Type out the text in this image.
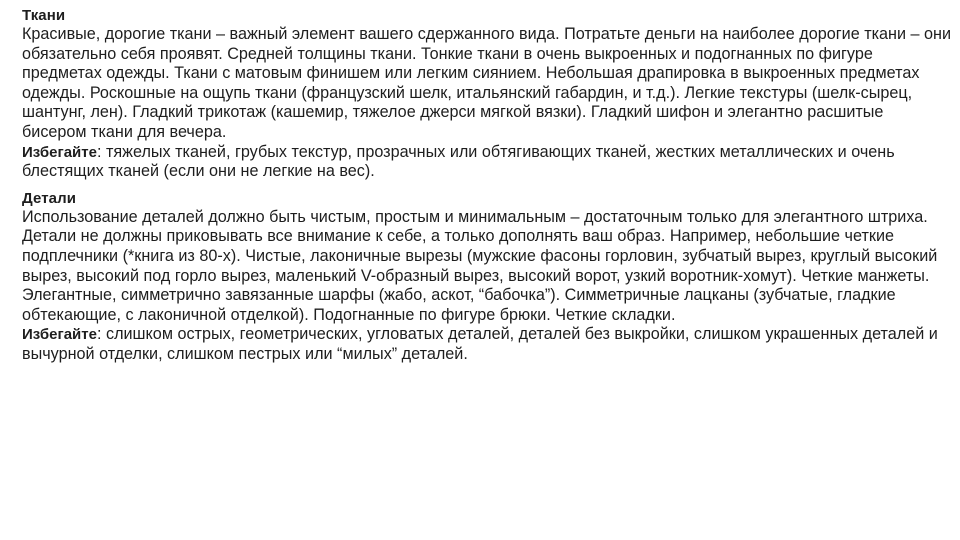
Ткани

Красивые, дорогие ткани – важный элемент вашего сдержанного вида. Потратьте деньги на наиболее дорогие ткани – они обязательно себя проявят. Средней толщины ткани. Тонкие ткани в очень выкроенных и подогнанных по фигуре предметах одежды. Ткани с матовым финишем или легким сиянием. Небольшая драпировка в выкроенных предметах одежды. Роскошные на ощупь ткани (французский шелк, итальянский габардин, и т.д.). Легкие текстуры (шелк-сырец, шантунг, лен). Гладкий трикотаж (кашемир, тяжелое джерси мягкой вязки). Гладкий шифон и элегантно расшитые бисером ткани для вечера.

Избегайте: тяжелых тканей, грубых текстур, прозрачных или обтягивающих тканей, жестких металлических и очень блестящих тканей (если они не легкие на вес).

Детали

Использование деталей должно быть чистым, простым и минимальным – достаточным только для элегантного штриха. Детали не должны приковывать все внимание к себе, а только дополнять ваш образ. Например, небольшие четкие подплечники (*книга из 80-х). Чистые, лаконичные вырезы (мужские фасоны горловин, зубчатый вырез, круглый высокий вырез, высокий под горло вырез, маленький V-образный вырез, высокий ворот, узкий воротник-хомут). Четкие манжеты. Элегантные, симметрично завязанные шарфы (жабо, аскот, “бабочка”). Симметричные лацканы (зубчатые, гладкие обтекающие, с лаконичной отделкой). Подогнанные по фигуре брюки. Четкие складки.

Избегайте: слишком острых, геометрических, угловатых деталей, деталей без выкройки, слишком украшенных деталей и вычурной отделки, слишком пестрых или “милых” деталей.
